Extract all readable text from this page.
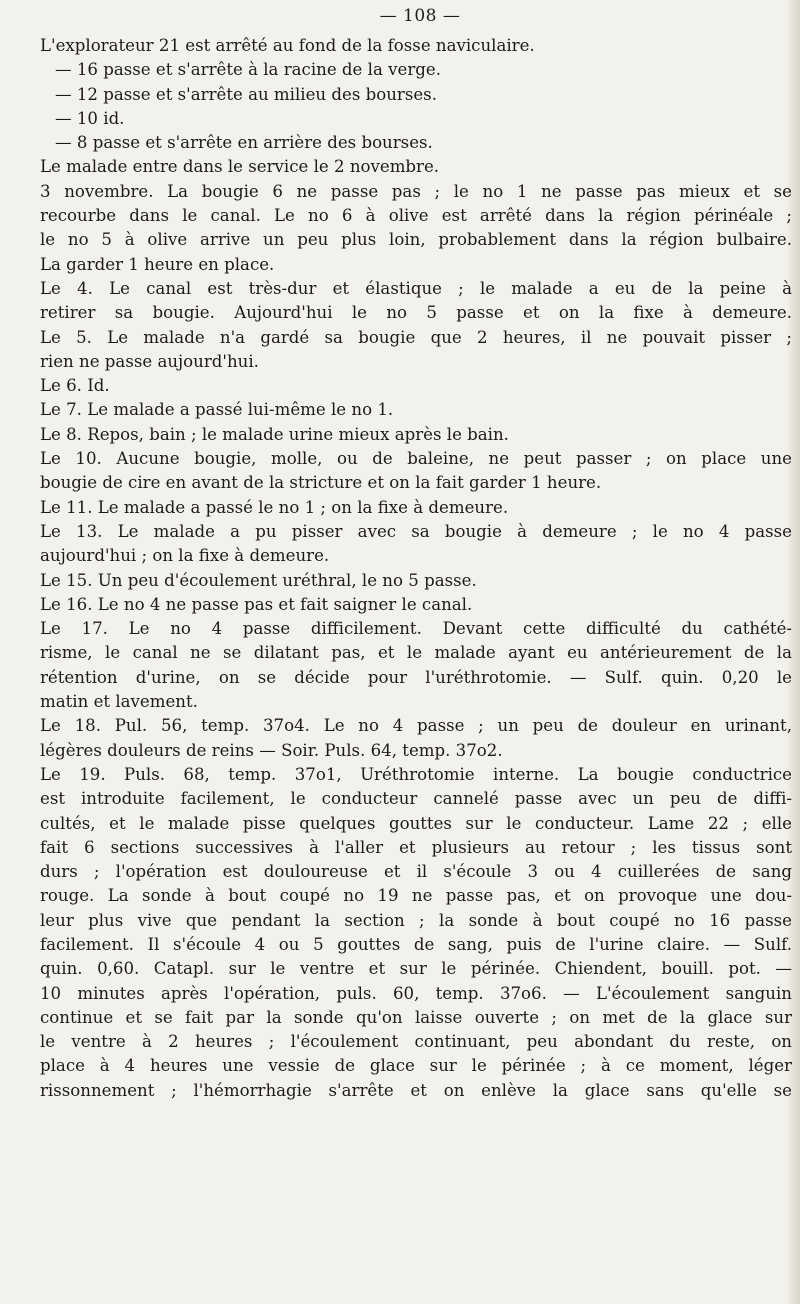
— 108 —
L'explorateur 21 est arrêté au fond de la fosse naviculaire.
— 16 passe et s'arrête à la racine de la verge.
— 12 passe et s'arrête au milieu des bourses.
— 10 id.
— 8 passe et s'arrête en arrière des bourses.
Le malade entre dans le service le 2 novembre.
3 novembre. La bougie 6 ne passe pas ; le no 1 ne passe pas mieux et se
recourbe dans le canal. Le no 6 à olive est arrêté dans la région périnéale ;
le no 5 à olive arrive un peu plus loin, probablement dans la région bulbaire.
La garder 1 heure en place.
Le 4. Le canal est très-dur et élastique ; le malade a eu de la peine à
retirer sa bougie. Aujourd'hui le no 5 passe et on la fixe à demeure.
Le 5. Le malade n'a gardé sa bougie que 2 heures, il ne pouvait pisser ;
rien ne passe aujourd'hui.
Le 6. Id.
Le 7. Le malade a passé lui-même le no 1.
Le 8. Repos, bain ; le malade urine mieux après le bain.
Le 10. Aucune bougie, molle, ou de baleine, ne peut passer ; on place une
bougie de cire en avant de la stricture et on la fait garder 1 heure.
Le 11. Le malade a passé le no 1 ; on la fixe à demeure.
Le 13. Le malade a pu pisser avec sa bougie à demeure ; le no 4 passe
aujourd'hui ; on la fixe à demeure.
Le 15. Un peu d'écoulement uréthral, le no 5 passe.
Le 16. Le no 4 ne passe pas et fait saigner le canal.
Le 17. Le no 4 passe difficilement. Devant cette difficulté du cathété-
risme, le canal ne se dilatant pas, et le malade ayant eu antérieurement de la
rétention d'urine, on se décide pour l'uréthrotomie. — Sulf. quin. 0,20 le
matin et lavement.
Le 18. Pul. 56, temp. 37o4. Le no 4 passe ; un peu de douleur en urinant,
légères douleurs de reins — Soir. Puls. 64, temp. 37o2.
Le 19. Puls. 68, temp. 37o1, Uréthrotomie interne. La bougie conductrice
est introduite facilement, le conducteur cannelé passe avec un peu de diffi-
cultés, et le malade pisse quelques gouttes sur le conducteur. Lame 22 ; elle
fait 6 sections successives à l'aller et plusieurs au retour ; les tissus sont
durs ; l'opération est douloureuse et il s'écoule 3 ou 4 cuillerées de sang
rouge. La sonde à bout coupé no 19 ne passe pas, et on provoque une dou-
leur plus vive que pendant la section ; la sonde à bout coupé no 16 passe
facilement. Il s'écoule 4 ou 5 gouttes de sang, puis de l'urine claire. — Sulf.
quin. 0,60. Catapl. sur le ventre et sur le périnée. Chiendent, bouill. pot. —
10 minutes après l'opération, puls. 60, temp. 37o6. — L'écoulement sanguin
continue et se fait par la sonde qu'on laisse ouverte ; on met de la glace sur
le ventre à 2 heures ; l'écoulement continuant, peu abondant du reste, on
place à 4 heures une vessie de glace sur le périnée ; à ce moment, léger
rissonnement ; l'hémorrhagie s'arrête et on enlève la glace sans qu'elle se
